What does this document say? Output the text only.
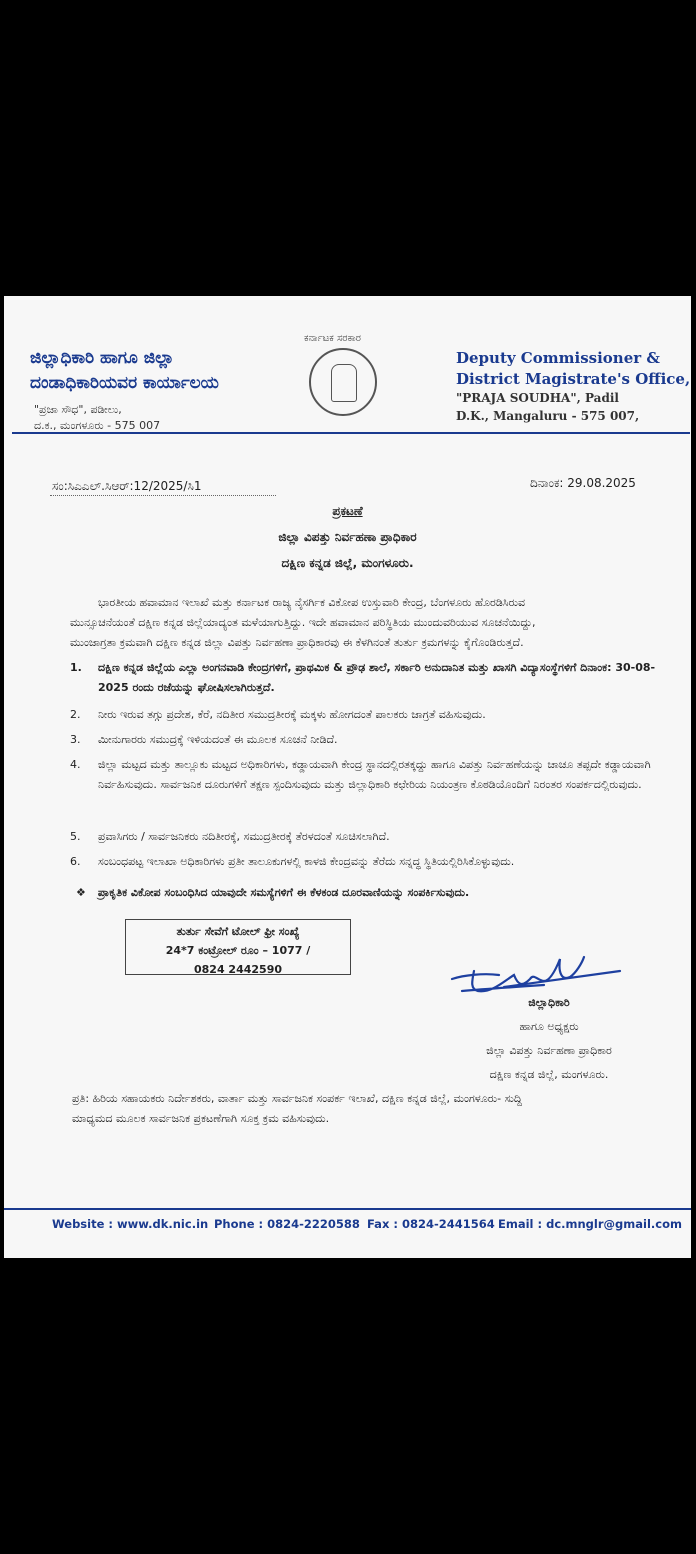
ಜಿಲ್ಲಾಧಿಕಾರಿ ಹಾಗೂ ಜಿಲ್ಲಾ
ದಂಡಾಧಿಕಾರಿಯವರ ಕಾರ್ಯಾಲಯ
"ಪ್ರಜಾ ಸೌಧ", ಪಡೀಲು,
ದ.ಕ., ಮಂಗಳೂರು - 575 007
ಕರ್ನಾಟಕ ಸರಕಾರ
Deputy Commissioner &
District Magistrate's Office,
"PRAJA SOUDHA", Padil
D.K., Mangaluru - 575 007,
ಸಂ:ಸಿಎಎಲ್.ಸಿಆರ್:12/2025/ಸಿ1	ದಿನಾಂಕ: 29.08.2025
ಪ್ರಕಟಣೆ
ಜಿಲ್ಲಾ ವಿಪತ್ತು ನಿರ್ವಹಣಾ ಪ್ರಾಧಿಕಾರ
ದಕ್ಷಿಣ ಕನ್ನಡ ಜಿಲ್ಲೆ, ಮಂಗಳೂರು.

ಭಾರತೀಯ ಹವಾಮಾನ ಇಲಾಖೆ ಮತ್ತು ಕರ್ನಾಟಕ ರಾಜ್ಯ ನೈಸರ್ಗಿಕ ವಿಕೋಪ ಉಸ್ತುವಾರಿ ಕೇಂದ್ರ, ಬೆಂಗಳೂರು ಹೊರಡಿಸಿರುವ

ಮುನ್ಸೂಚನೆಯಂತೆ ದಕ್ಷಿಣ ಕನ್ನಡ ಜಿಲ್ಲೆಯಾದ್ಯಂತ ಮಳೆಯಾಗುತ್ತಿದ್ದು. ಇದೇ ಹವಾಮಾನ ಪರಿಸ್ಥಿತಿಯ ಮುಂದುವರಿಯುವ ಸೂಚನೆಯಿದ್ದು,

ಮುಂಜಾಗ್ರತಾ ಕ್ರಮವಾಗಿ ದಕ್ಷಿಣ ಕನ್ನಡ ಜಿಲ್ಲಾ ವಿಪತ್ತು ನಿರ್ವಹಣಾ ಪ್ರಾಧಿಕಾರವು ಈ ಕೆಳಗಿನಂತೆ ತುರ್ತು ಕ್ರಮಗಳನ್ನು ಕೈಗೊಂಡಿರುತ್ತದೆ.

1.	ದಕ್ಷಿಣ ಕನ್ನಡ ಜಿಲ್ಲೆಯ ಎಲ್ಲಾ ಅಂಗನವಾಡಿ ಕೇಂದ್ರಗಳಿಗೆ, ಪ್ರಾಥಮಿಕ & ಪ್ರೌಢ ಶಾಲೆ, ಸರ್ಕಾರಿ ಅನುದಾನಿತ ಮತ್ತು ಖಾಸಗಿ ವಿದ್ಯಾಸಂಸ್ಥೆಗಳಿಗೆ ದಿನಾಂಕ: 30-08-2025 ರಂದು ರಜೆಯನ್ನು ಘೋಷಿಸಲಾಗಿರುತ್ತದೆ.
2.	ನೀರು ಇರುವ ತಗ್ಗು ಪ್ರದೇಶ, ಕೆರೆ, ನದಿತೀರ ಸಮುದ್ರತೀರಕ್ಕೆ ಮಕ್ಕಳು ಹೋಗದಂತೆ ಪಾಲಕರು ಜಾಗ್ರತೆ ವಹಿಸುವುದು.
3.	ಮೀನುಗಾರರು ಸಮುದ್ರಕ್ಕೆ ಇಳಿಯದಂತೆ ಈ ಮೂಲಕ ಸೂಚನೆ ನೀಡಿದೆ.
4.	ಜಿಲ್ಲಾ ಮಟ್ಟದ ಮತ್ತು ತಾಲ್ಲೂಕು ಮಟ್ಟದ ಅಧಿಕಾರಿಗಳು, ಕಡ್ಡಾಯವಾಗಿ ಕೇಂದ್ರ ಸ್ಥಾನದಲ್ಲಿರತಕ್ಕದ್ದು ಹಾಗೂ ವಿಪತ್ತು ನಿರ್ವಹಣೆಯನ್ನು ಚಾಚೂ ತಪ್ಪದೇ ಕಡ್ಡಾಯವಾಗಿ ನಿರ್ವಹಿಸುವುದು. ಸಾರ್ವಜನಿಕ ದೂರುಗಳಿಗೆ ತಕ್ಷಣ ಸ್ಪಂದಿಸುವುದು ಮತ್ತು ಜಿಲ್ಲಾಧಿಕಾರಿ ಕಛೇರಿಯ ನಿಯಂತ್ರಣ ಕೊಠಡಿಯೊಂದಿಗೆ ನಿರಂತರ ಸಂಪರ್ಕದಲ್ಲಿರುವುದು.
5.	ಪ್ರವಾಸಿಗರು / ಸಾರ್ವಜನಿಕರು ನದಿತೀರಕ್ಕೆ, ಸಮುದ್ರತೀರಕ್ಕೆ ತೆರಳದಂತೆ ಸೂಚಿಸಲಾಗಿದೆ.
6.	ಸಂಬಂಧಪಟ್ಟ ಇಲಾಖಾ ಅಧಿಕಾರಿಗಳು ಪ್ರತೀ ತಾಲೂಕುಗಳಲ್ಲಿ ಕಾಳಜಿ ಕೇಂದ್ರವನ್ನು ತೆರೆದು ಸನ್ನದ್ಧ ಸ್ಥಿತಿಯಲ್ಲಿರಿಸಿಕೊಳ್ಳುವುದು.
❖ ಪ್ರಾಕೃತಿಕ ವಿಕೋಪ ಸಂಬಂಧಿಸಿದ ಯಾವುದೇ ಸಮಸ್ಯೆಗಳಿಗೆ ಈ ಕೆಳಕಂಡ ದೂರವಾಣಿಯನ್ನು ಸಂಪರ್ಕಿಸುವುದು.
ತುರ್ತು ಸೇವೆಗೆ ಟೋಲ್ ಫ್ರೀ ಸಂಖ್ಯೆ
24*7 ಕಂಟ್ರೋಲ್ ರೂಂ – 1077 /
0824 2442590
ಜಿಲ್ಲಾಧಿಕಾರಿ
ಹಾಗೂ ಅಧ್ಯಕ್ಷರು
ಜಿಲ್ಲಾ ವಿಪತ್ತು ನಿರ್ವಹಣಾ ಪ್ರಾಧಿಕಾರ
ದಕ್ಷಿಣ ಕನ್ನಡ ಜಿಲ್ಲೆ, ಮಂಗಳೂರು.
ಪ್ರತಿ: ಹಿರಿಯ ಸಹಾಯಕರು ನಿರ್ದೇಶಕರು, ವಾರ್ತಾ ಮತ್ತು ಸಾರ್ವಜನಿಕ ಸಂಪರ್ಕ ಇಲಾಖೆ, ದಕ್ಷಿಣ ಕನ್ನಡ ಜಿಲ್ಲೆ, ಮಂಗಳೂರು- ಸುದ್ದಿ
ಮಾಧ್ಯಮದ ಮೂಲಕ ಸಾರ್ವಜನಿಕ ಪ್ರಕಟಣೆಗಾಗಿ ಸೂಕ್ತ ಕ್ರಮ ವಹಿಸುವುದು.
Website : www.dk.nic.in Phone : 0824-2220588 Fax : 0824-2441564 Email : dc.mnglr@gmail.com
